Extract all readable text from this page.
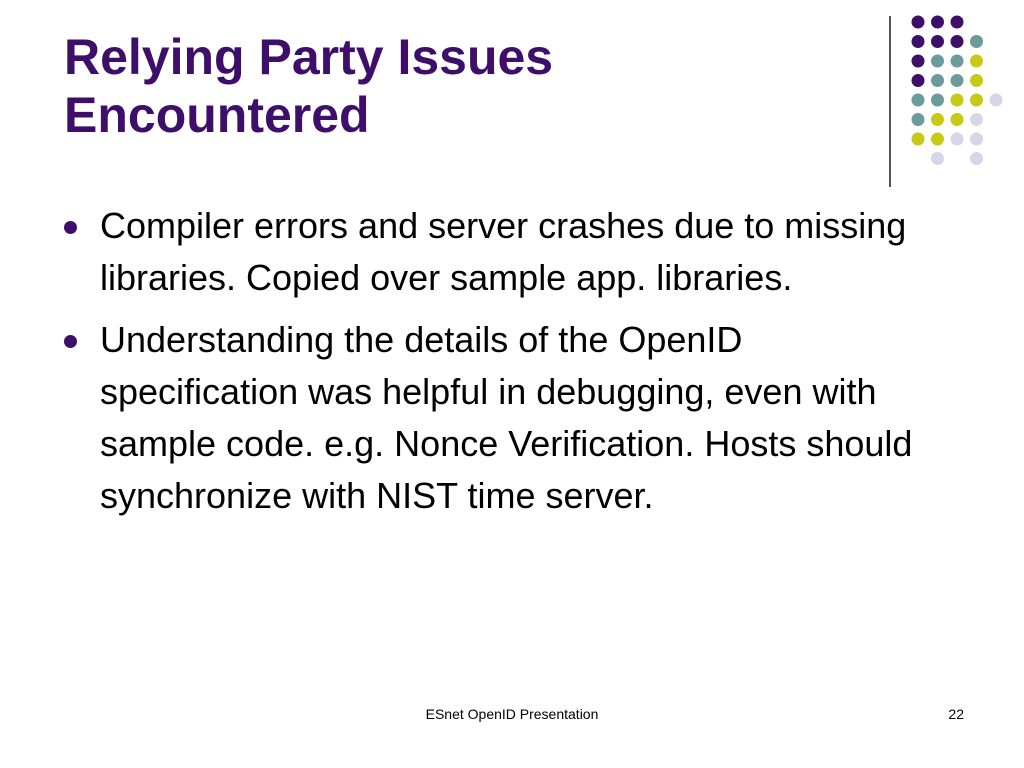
Relying Party Issues
Encountered
Compiler errors and server crashes due to missing libraries. Copied over sample app. libraries.
Understanding the details of the OpenID specification was helpful in debugging, even with sample code. e.g. Nonce Verification. Hosts should synchronize with NIST time server.
ESnet OpenID Presentation	22
